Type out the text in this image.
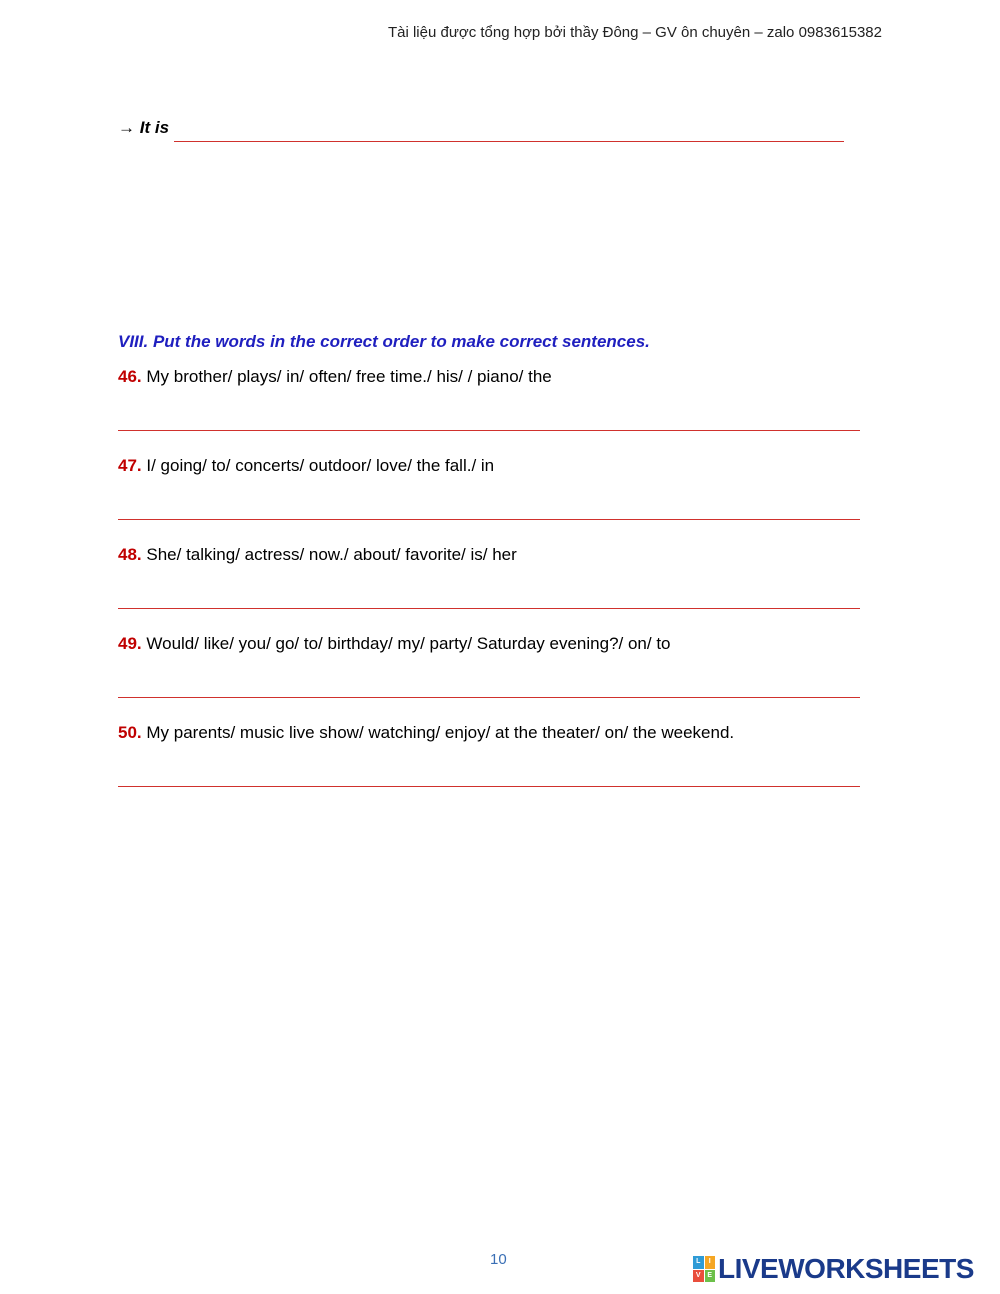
Tài liệu được tổng hợp bởi thầy Đông – GV ôn chuyên – zalo 0983615382
→ It is
VIII. Put the words in the correct order to make correct sentences.
46. My brother/ plays/ in/ often/ free time./ his/ / piano/ the
47. I/ going/ to/ concerts/ outdoor/ love/ the fall./ in
48. She/ talking/ actress/ now./ about/ favorite/ is/ her
49. Would/ like/ you/ go/ to/ birthday/ my/ party/ Saturday evening?/ on/ to
50. My parents/ music live show/ watching/ enjoy/ at the theater/ on/ the weekend.
10	L	I
V E LIVEWORKSHEETS
